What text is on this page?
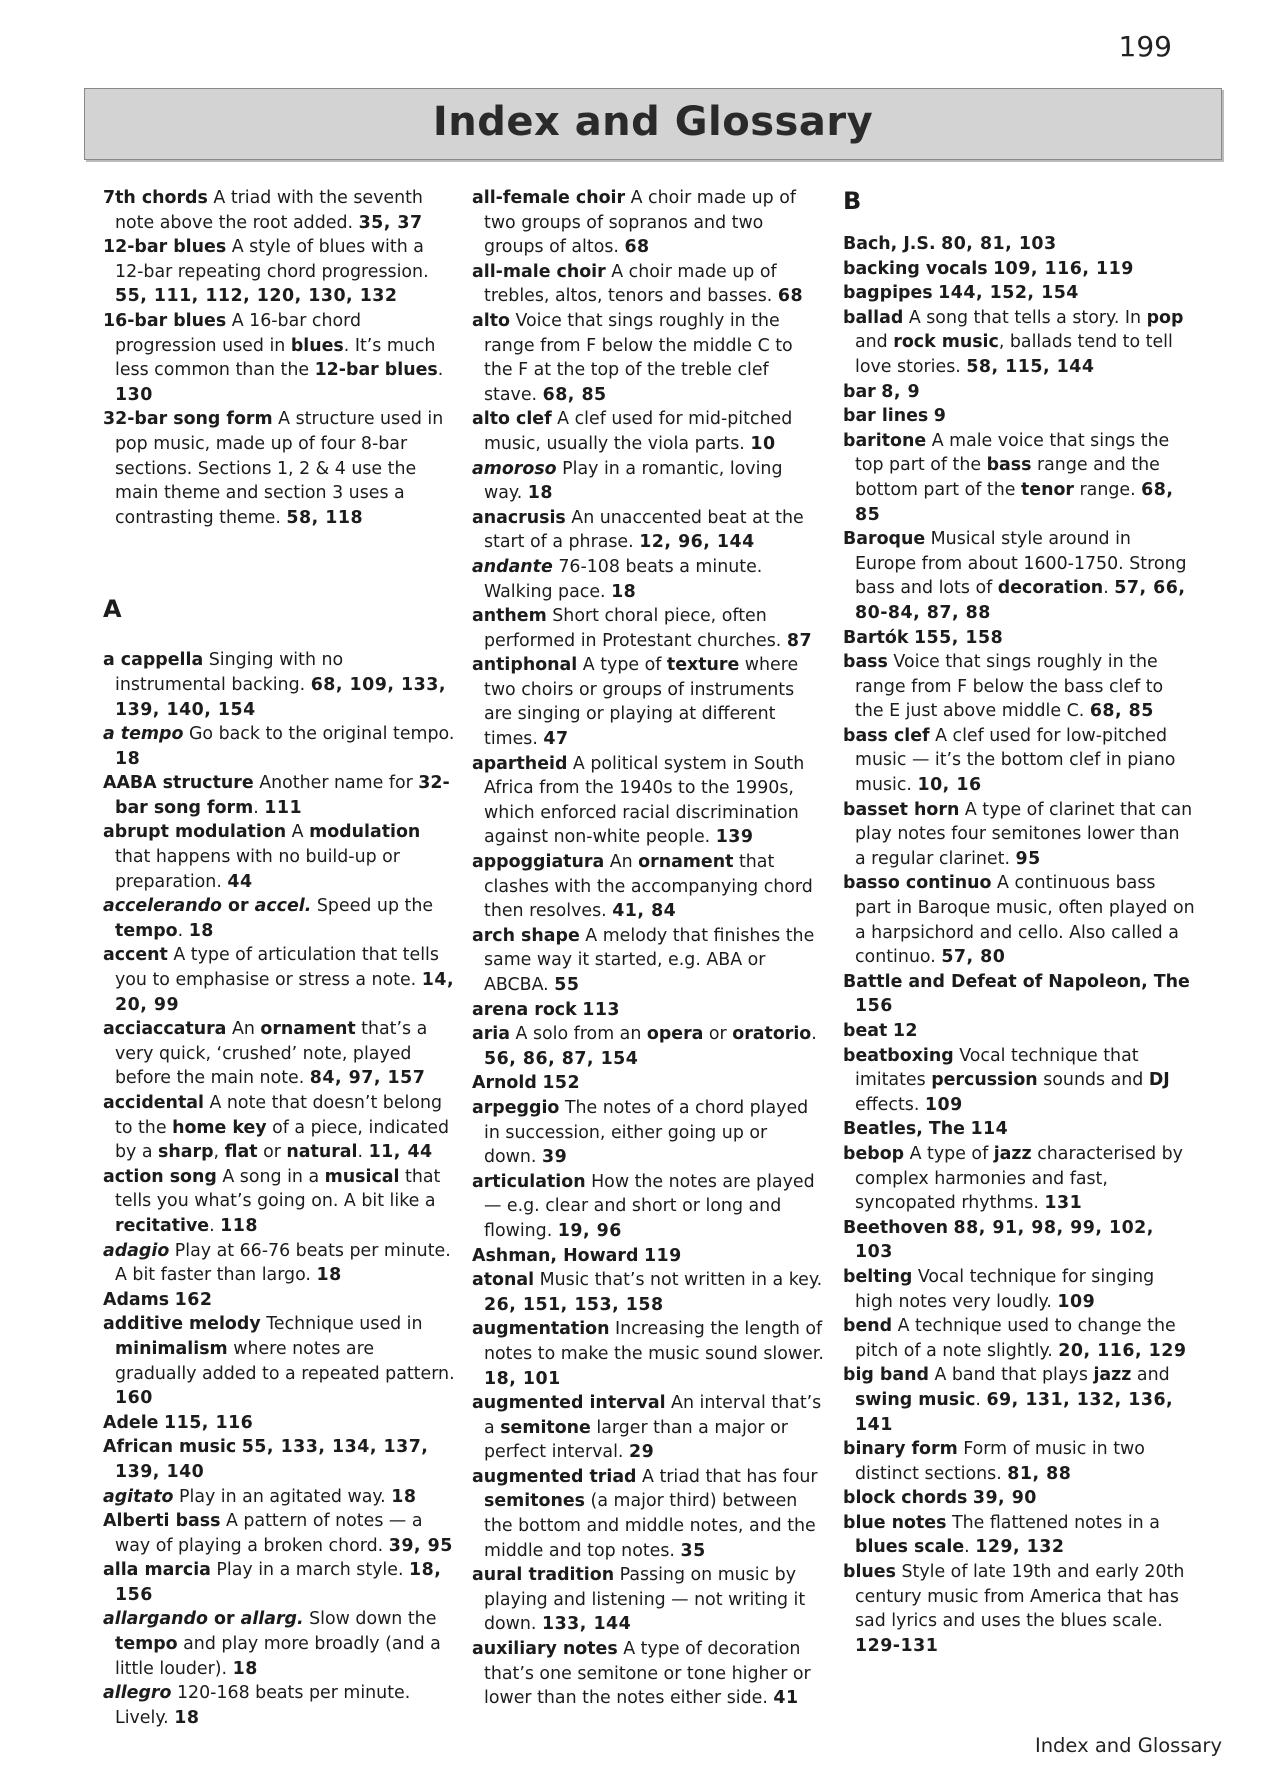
199
Index and Glossary

7th chords A triad with the seventh note above the root added. 35, 37

12-bar blues A style of blues with a 12-bar repeating chord progression. 55, 111, 112, 120, 130, 132

16-bar blues A 16-bar chord progression used in blues. It’s much less common than the 12-bar blues. 130

32-bar song form A structure used in pop music, made up of four 8-bar sections. Sections 1, 2 & 4 use the main theme and section 3 uses a contrasting theme. 58, 118

A

a cappella Singing with no instrumental backing. 68, 109, 133, 139, 140, 154

a tempo Go back to the original tempo. 18

AABA structure Another name for 32-bar song form. 111

abrupt modulation A modulation that happens with no build-up or preparation. 44

accelerando or accel. Speed up the tempo. 18

accent A type of articulation that tells you to emphasise or stress a note. 14, 20, 99

acciaccatura An ornament that’s a very quick, ‘crushed’ note, played before the main note. 84, 97, 157

accidental A note that doesn’t belong to the home key of a piece, indicated by a sharp, flat or natural. 11, 44

action song A song in a musical that tells you what’s going on. A bit like a recitative. 118

adagio Play at 66-76 beats per minute. A bit faster than largo. 18

Adams 162

additive melody Technique used in minimalism where notes are gradually added to a repeated pattern. 160

Adele 115, 116

African music 55, 133, 134, 137, 139, 140

agitato Play in an agitated way. 18

Alberti bass A pattern of notes — a way of playing a broken chord. 39, 95

alla marcia Play in a march style. 18, 156

allargando or allarg. Slow down the tempo and play more broadly (and a little louder). 18

allegro 120-168 beats per minute. Lively. 18

all-female choir A choir made up of two groups of sopranos and two groups of altos. 68

all-male choir A choir made up of trebles, altos, tenors and basses. 68

alto Voice that sings roughly in the range from F below the middle C to the F at the top of the treble clef stave. 68, 85

alto clef A clef used for mid-pitched music, usually the viola parts. 10

amoroso Play in a romantic, loving way. 18

anacrusis An unaccented beat at the start of a phrase. 12, 96, 144

andante 76-108 beats a minute. Walking pace. 18

anthem Short choral piece, often performed in Protestant churches. 87

antiphonal A type of texture where two choirs or groups of instruments are singing or playing at different times. 47

apartheid A political system in South Africa from the 1940s to the 1990s, which enforced racial discrimination against non-white people. 139

appoggiatura An ornament that clashes with the accompanying chord then resolves. 41, 84

arch shape A melody that finishes the same way it started, e.g. ABA or ABCBA. 55

arena rock 113

aria A solo from an opera or oratorio. 56, 86, 87, 154

Arnold 152

arpeggio The notes of a chord played in succession, either going up or down. 39

articulation How the notes are played — e.g. clear and short or long and flowing. 19, 96

Ashman, Howard 119

atonal Music that’s not written in a key. 26, 151, 153, 158

augmentation Increasing the length of notes to make the music sound slower. 18, 101

augmented interval An interval that’s a semitone larger than a major or perfect interval. 29

augmented triad A triad that has four semitones (a major third) between the bottom and middle notes, and the middle and top notes. 35

aural tradition Passing on music by playing and listening — not writing it down. 133, 144

auxiliary notes A type of decoration that’s one semitone or tone higher or lower than the notes either side. 41

B

Bach, J.S. 80, 81, 103

backing vocals 109, 116, 119

bagpipes 144, 152, 154

ballad A song that tells a story. In pop and rock music, ballads tend to tell love stories. 58, 115, 144

bar 8, 9

bar lines 9

baritone A male voice that sings the top part of the bass range and the bottom part of the tenor range. 68, 85

Baroque Musical style around in Europe from about 1600-1750. Strong bass and lots of decoration. 57, 66, 80-84, 87, 88

Bartók 155, 158

bass Voice that sings roughly in the range from F below the bass clef to the E just above middle C. 68, 85

bass clef A clef used for low-pitched music — it’s the bottom clef in piano music. 10, 16

basset horn A type of clarinet that can play notes four semitones lower than a regular clarinet. 95

basso continuo A continuous bass part in Baroque music, often played on a harpsichord and cello. Also called a continuo. 57, 80

Battle and Defeat of Napoleon, The 156

beat 12

beatboxing Vocal technique that imitates percussion sounds and DJ effects. 109

Beatles, The 114

bebop A type of jazz characterised by complex harmonies and fast, syncopated rhythms. 131

Beethoven 88, 91, 98, 99, 102, 103

belting Vocal technique for singing high notes very loudly. 109

bend A technique used to change the pitch of a note slightly. 20, 116, 129

big band A band that plays jazz and swing music. 69, 131, 132, 136, 141

binary form Form of music in two distinct sections. 81, 88

block chords 39, 90

blue notes The flattened notes in a blues scale. 129, 132

blues Style of late 19th and early 20th century music from America that has sad lyrics and uses the blues scale. 129-131

Index and Glossary
